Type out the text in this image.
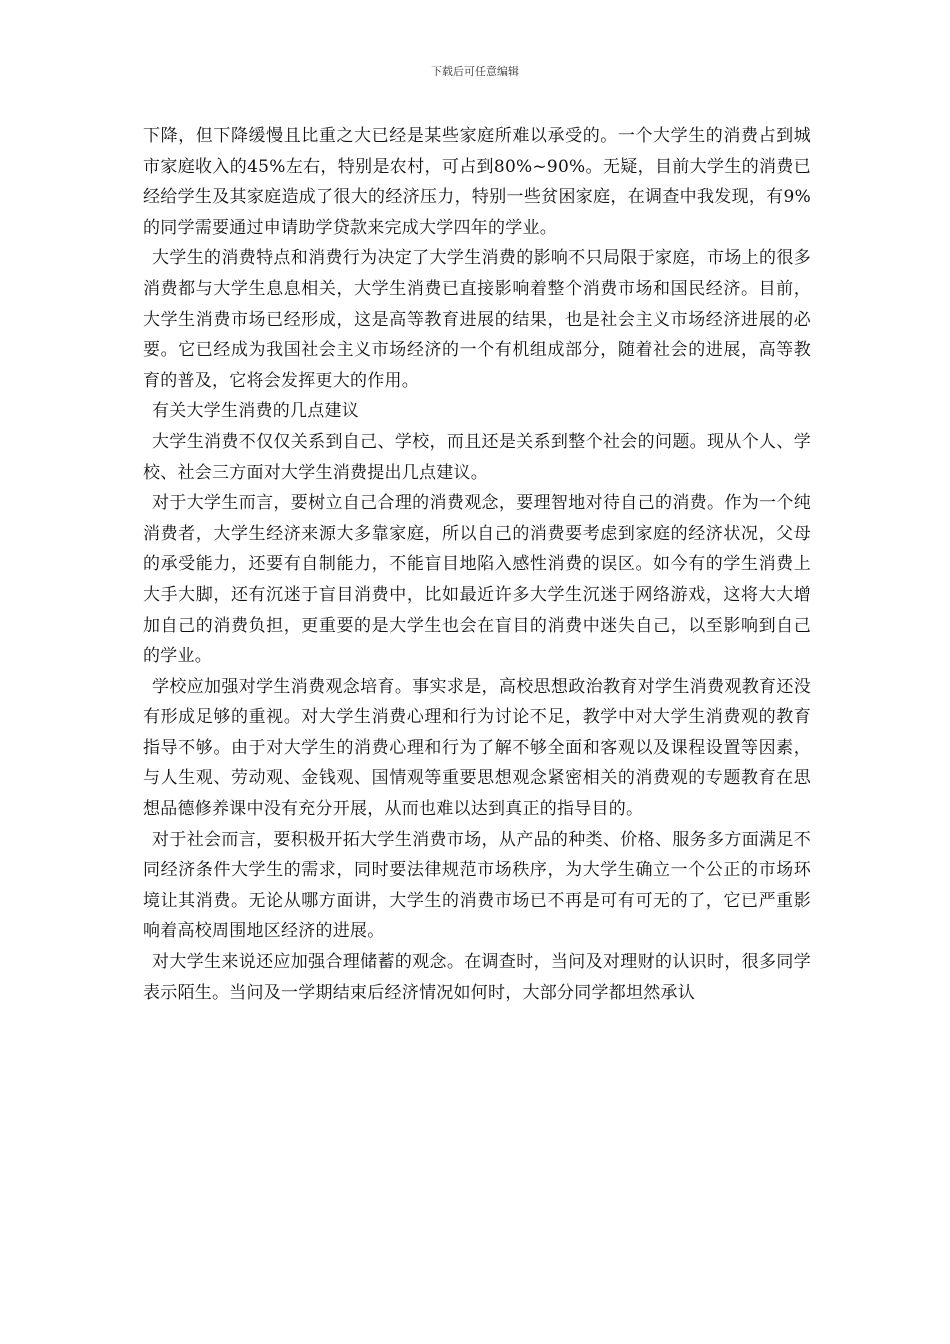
下载后可任意编辑

下降，但下降缓慢且比重之大已经是某些家庭所难以承受的。一个大学生的消费占到城市家庭收入的45%左右，特别是农村，可占到80%~90%。无疑，目前大学生的消费已经给学生及其家庭造成了很大的经济压力，特别一些贫困家庭，在调查中我发现，有9%的同学需要通过申请助学贷款来完成大学四年的学业。

大学生的消费特点和消费行为决定了大学生消费的影响不只局限于家庭，市场上的很多消费都与大学生息息相关，大学生消费已直接影响着整个消费市场和国民经济。目前，大学生消费市场已经形成，这是高等教育进展的结果，也是社会主义市场经济进展的必要。它已经成为我国社会主义市场经济的一个有机组成部分，随着社会的进展，高等教育的普及，它将会发挥更大的作用。

有关大学生消费的几点建议

大学生消费不仅仅关系到自己、学校，而且还是关系到整个社会的问题。现从个人、学校、社会三方面对大学生消费提出几点建议。

对于大学生而言，要树立自己合理的消费观念，要理智地对待自己的消费。作为一个纯消费者，大学生经济来源大多靠家庭，所以自己的消费要考虑到家庭的经济状况，父母的承受能力，还要有自制能力，不能盲目地陷入感性消费的误区。如今有的学生消费上大手大脚，还有沉迷于盲目消费中，比如最近许多大学生沉迷于网络游戏，这将大大增加自己的消费负担，更重要的是大学生也会在盲目的消费中迷失自己，以至影响到自己的学业。

学校应加强对学生消费观念培育。事实求是，高校思想政治教育对学生消费观教育还没有形成足够的重视。对大学生消费心理和行为讨论不足，教学中对大学生消费观的教育指导不够。由于对大学生的消费心理和行为了解不够全面和客观以及课程设置等因素，与人生观、劳动观、金钱观、国情观等重要思想观念紧密相关的消费观的专题教育在思想品德修养课中没有充分开展，从而也难以达到真正的指导目的。

对于社会而言，要积极开拓大学生消费市场，从产品的种类、价格、服务多方面满足不同经济条件大学生的需求，同时要法律规范市场秩序，为大学生确立一个公正的市场环境让其消费。无论从哪方面讲，大学生的消费市场已不再是可有可无的了，它已严重影响着高校周围地区经济的进展。

对大学生来说还应加强合理储蓄的观念。在调查时，当问及对理财的认识时，很多同学表示陌生。当问及一学期结束后经济情况如何时，大部分同学都坦然承认
